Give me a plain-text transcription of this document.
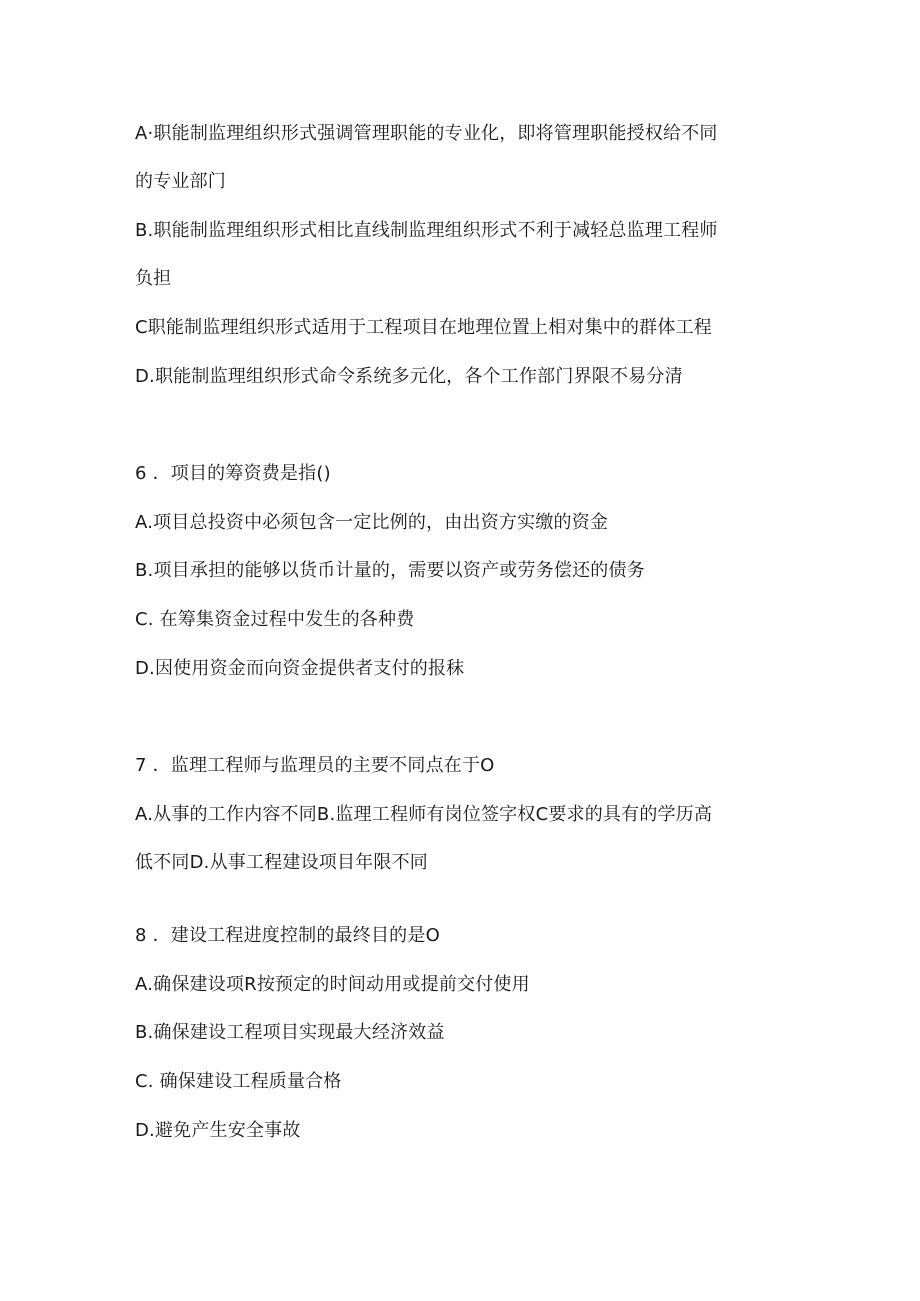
A·职能制监理组织形式强调管理职能的专业化，即将管理职能授权给不同
的专业部门
B.职能制监理组织形式相比直线制监理组织形式不利于减轻总监理工程师
负担
C职能制监理组织形式适用于工程项目在地理位置上相对集中的群体工程
D.职能制监理组织形式命令系统多元化，各个工作部门界限不易分清
6 ．项目的筹资费是指()
A.项目总投资中必须包含一定比例的，由出资方实缴的资金
B.项目承担的能够以货币计量的，需要以资产或劳务偿还的债务
C. 在筹集资金过程中发生的各种费
D.因使用资金而向资金提供者支付的报秣
7 ．监理工程师与监理员的主要不同点在于O
A.从事的工作内容不同B.监理工程师有岗位签字权C要求的具有的学历高
低不同D.从事工程建设项目年限不同
8 ．建设工程进度控制的最终目的是O
A.确保建设项R按预定的时间动用或提前交付使用
B.确保建设工程项目实现最大经济效益
C. 确保建设工程质量合格
D.避免产生安全事故
